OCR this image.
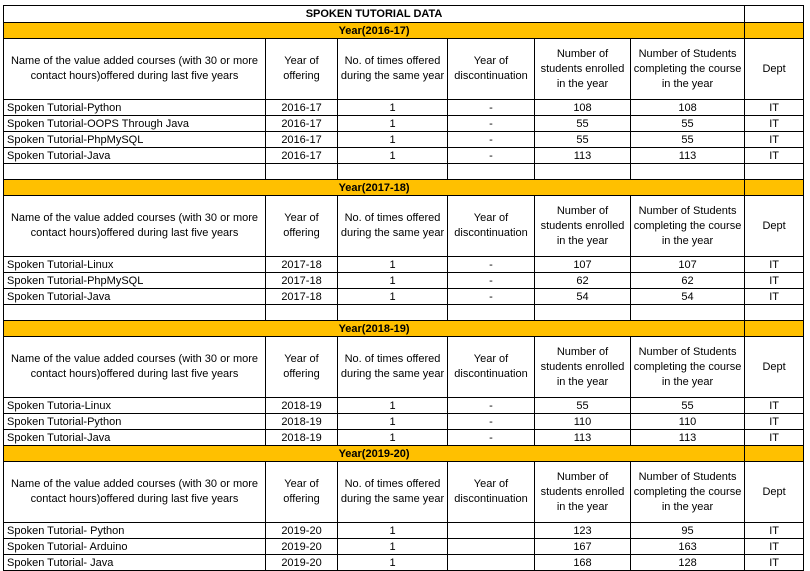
SPOKEN TUTORIAL DATA						
Year(2016-17)						
Name of the value added courses (with 30 or more contact hours)offered during last five years	Year of offering	No. of times offered during the same year	Year of discontinuation	Number of students enrolled in the year	Number of Students completing the course in the year	Dept
Spoken Tutorial-Python	2016-17	1	-	108	108	IT
Spoken Tutorial-OOPS Through Java	2016-17	1	-	55	55	IT
Spoken Tutorial-PhpMySQL	2016-17	1	-	55	55	IT
Spoken Tutorial-Java	2016-17	1	-	113	113	IT

Year(2017-18)						
Name of the value added courses (with 30 or more contact hours)offered during last five years	Year of offering	No. of times offered during the same year	Year of discontinuation	Number of students enrolled in the year	Number of Students completing the course in the year	Dept
Spoken Tutorial-Linux	2017-18	1	-	107	107	IT
Spoken Tutorial-PhpMySQL	2017-18	1	-	62	62	IT
Spoken Tutorial-Java	2017-18	1	-	54	54	IT

Year(2018-19)						
Name of the value added courses (with 30 or more contact hours)offered during last five years	Year of offering	No. of times offered during the same year	Year of discontinuation	Number of students enrolled in the year	Number of Students completing the course in the year	Dept
Spoken Tutoria-Linux	2018-19	1	-	55	55	IT
Spoken Tutorial-Python	2018-19	1	-	110	110	IT
Spoken Tutorial-Java	2018-19	1	-	113	113	IT
Year(2019-20)						
Name of the value added courses (with 30 or more contact hours)offered during last five years	Year of offering	No. of times offered during the same year	Year of discontinuation	Number of students enrolled in the year	Number of Students completing the course in the year	Dept
Spoken Tutorial- Python	2019-20	1		123	95	IT
Spoken Tutorial- Arduino	2019-20	1		167	163	IT
Spoken Tutorial- Java	2019-20	1		168	128	IT
